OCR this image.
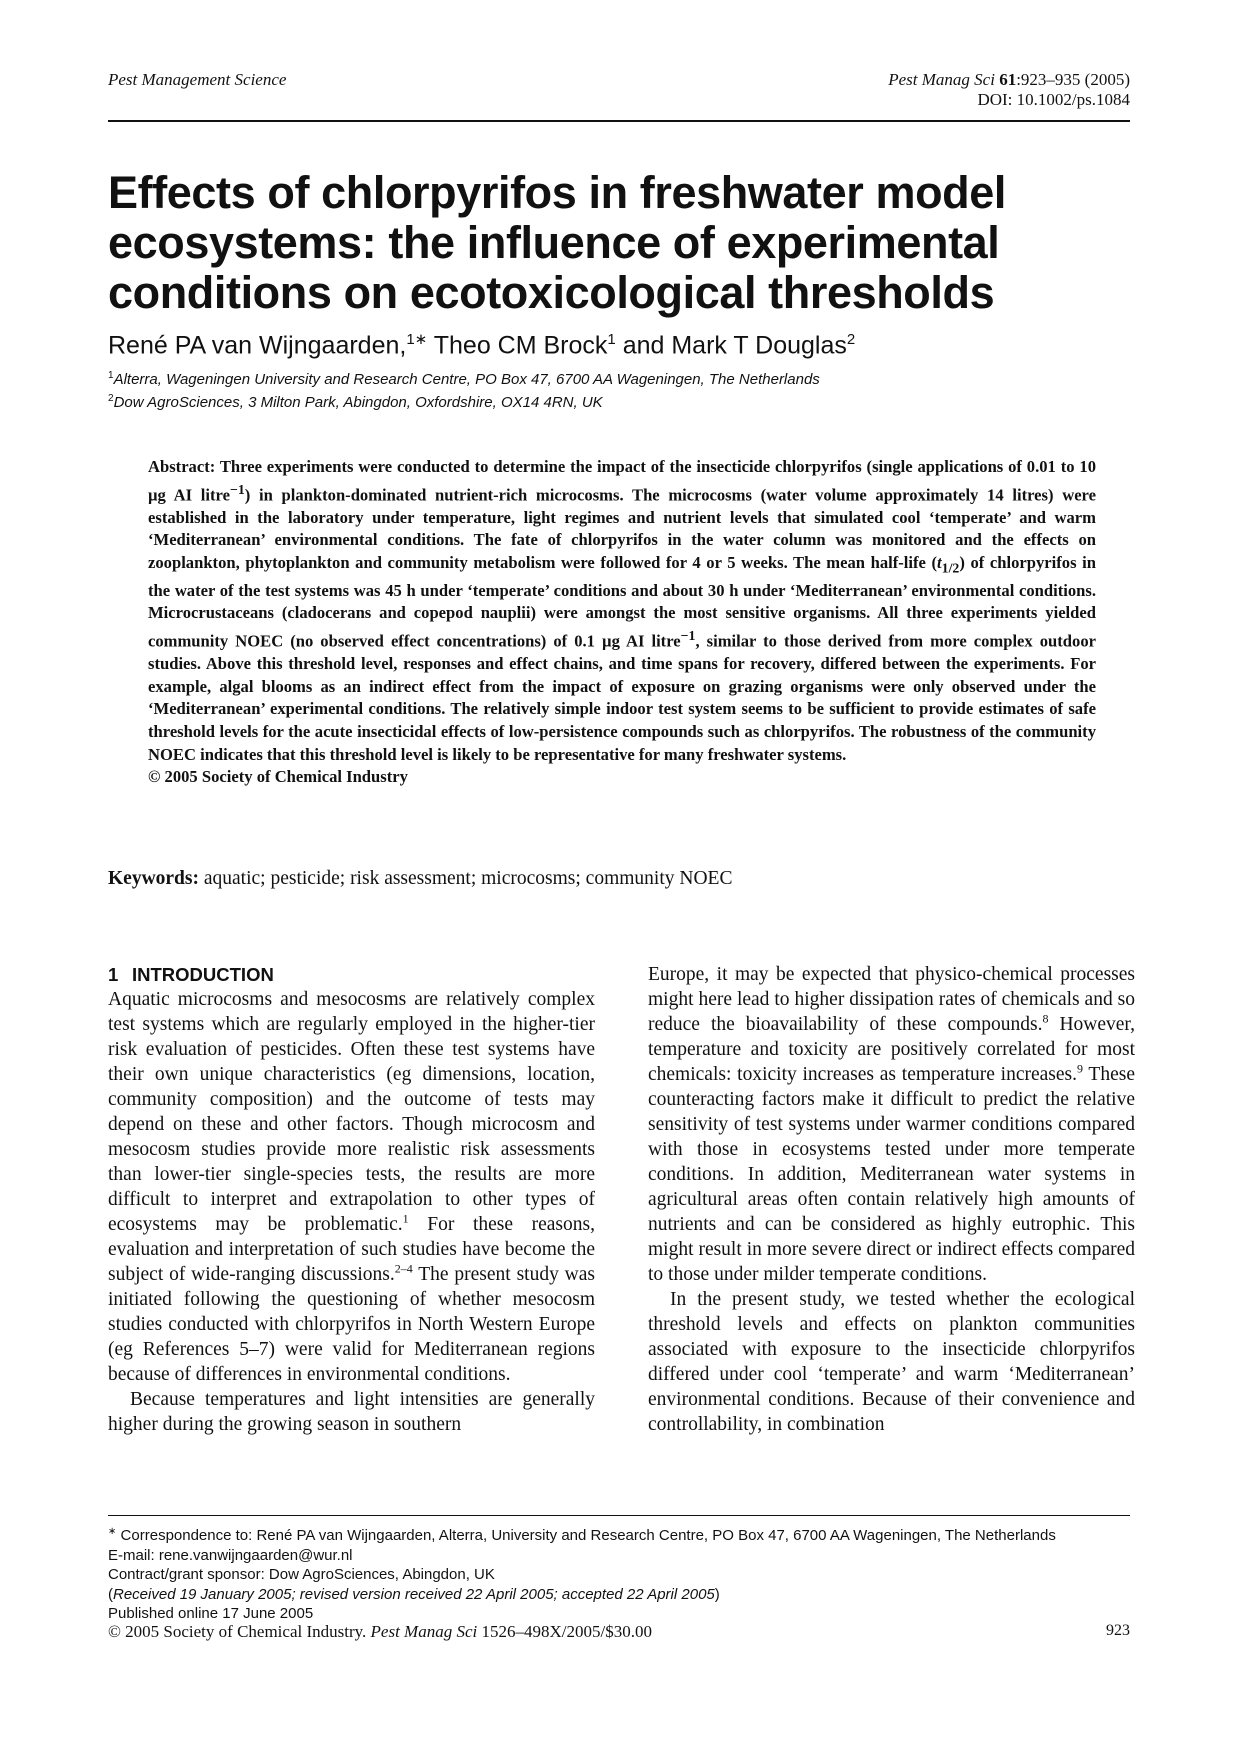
Pest Management Science	Pest Manag Sci 61:923–935 (2005)
DOI: 10.1002/ps.1084
Effects of chlorpyrifos in freshwater model ecosystems: the influence of experimental conditions on ecotoxicological thresholds
René PA van Wijngaarden,$^{1∗}$ Theo CM Brock$^1$ and Mark T Douglas$^2$
$^1$Alterra, Wageningen University and Research Centre, PO Box 47, 6700 AA Wageningen, The Netherlands
$^2$Dow AgroSciences, 3 Milton Park, Abingdon, Oxfordshire, OX14 4RN, UK
Abstract: Three experiments were conducted to determine the impact of the insecticide chlorpyrifos (single applications of 0.01 to 10 µg AI litre$^{-1}$) in plankton-dominated nutrient-rich microcosms. The microcosms (water volume approximately 14 litres) were established in the laboratory under temperature, light regimes and nutrient levels that simulated cool ‘temperate’ and warm ‘Mediterranean’ environmental conditions. The fate of chlorpyrifos in the water column was monitored and the effects on zooplankton, phytoplankton and community metabolism were followed for 4 or 5 weeks. The mean half-life $(t_{1/2})$ of chlorpyrifos in the water of the test systems was 45 h under ‘temperate’ conditions and about 30 h under ‘Mediterranean’ environmental conditions. Microcrustaceans (cladocerans and copepod nauplii) were amongst the most sensitive organisms. All three experiments yielded community NOEC (no observed effect concentrations) of 0.1 µg AI litre$^{-1}$, similar to those derived from more complex outdoor studies. Above this threshold level, responses and effect chains, and time spans for recovery, differed between the experiments. For example, algal blooms as an indirect effect from the impact of exposure on grazing organisms were only observed under the ‘Mediterranean’ experimental conditions. The relatively simple indoor test system seems to be sufficient to provide estimates of safe threshold levels for the acute insecticidal effects of low-persistence compounds such as chlorpyrifos. The robustness of the community NOEC indicates that this threshold level is likely to be representative for many freshwater systems.
© 2005 Society of Chemical Industry
Keywords: aquatic; pesticide; risk assessment; microcosms; community NOEC
1 INTRODUCTION

Aquatic microcosms and mesocosms are relatively complex test systems which are regularly employed in the higher-tier risk evaluation of pesticides. Often these test systems have their own unique characteristics (eg dimensions, location, community composition) and the outcome of tests may depend on these and other factors. Though microcosm and mesocosm studies provide more realistic risk assessments than lower-tier single-species tests, the results are more difficult to interpret and extrapolation to other types of ecosystems may be problematic.$^1$ For these reasons, evaluation and interpretation of such studies have become the subject of wide-ranging discussions.$^{2-4}$ The present study was initiated following the questioning of whether mesocosm studies conducted with chlorpyrifos in North Western Europe (eg References 5–7) were valid for Mediterranean regions because of differences in environmental conditions.

Because temperatures and light intensities are generally higher during the growing season in southern

Europe, it may be expected that physico-chemical processes might here lead to higher dissipation rates of chemicals and so reduce the bioavailability of these compounds.$^8$ However, temperature and toxicity are positively correlated for most chemicals: toxicity increases as temperature increases.$^9$ These counteracting factors make it difficult to predict the relative sensitivity of test systems under warmer conditions compared with those in ecosystems tested under more temperate conditions. In addition, Mediterranean water systems in agricultural areas often contain relatively high amounts of nutrients and can be considered as highly eutrophic. This might result in more severe direct or indirect effects compared to those under milder temperate conditions.

In the present study, we tested whether the ecological threshold levels and effects on plankton communities associated with exposure to the insecticide chlorpyrifos differed under cool ‘temperate’ and warm ‘Mediterranean’ environmental conditions. Because of their convenience and controllability, in combination

∗ Correspondence to: René PA van Wijngaarden, Alterra, University and Research Centre, PO Box 47, 6700 AA Wageningen, The Netherlands

E-mail: rene.vanwijngaarden@wur.nl

Contract/grant sponsor: Dow AgroSciences, Abingdon, UK

(Received 19 January 2005; revised version received 22 April 2005; accepted 22 April 2005)

Published online 17 June 2005

© 2005 Society of Chemical Industry. Pest Manag Sci 1526–498X/2005/$30.00	923
